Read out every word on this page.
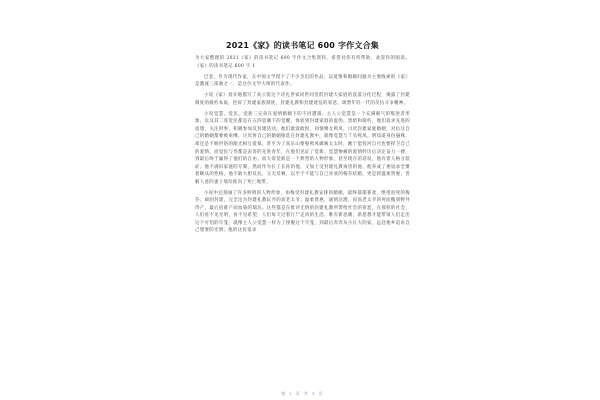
2021《家》的读书笔记 600 字作文合集

为大家整理的 2021《家》的读书笔记 600 字作文合集资料，希望对你有所帮助，欢迎你的阅读。《家》的读书笔记 600 字 1

巴金，作为现代作家，在中国文学留下了不少杰出的作品，以爱情和婚姻问题为主要线索的《家》是激流三部曲之一，是这位文学大师的代表作。

小说《家》真实地描写了高公馆这个诗礼世家同世同堂的封建大家庭的没落分化过程，揭露了封建制度的腐朽本质，控诉了封建家族制度，封建礼教和封建迷信的罪恶，颂赞年轻一代的反抗斗争精神。

小说觉慧、觉民、觉新三兄弟在爱情婚姻下的不同遭遇。主人公觉慧是一个充满朝气的叛逆者形象，以及其二哥觉民都是在五四思潮下的觉醒，体验到封建家庭的虚伪、黑暗和腐朽，他们追求先进的思想，关注时事，积极参加反封建活动。他们敢爱敢恨，同情婢女鸣凤，讨厌封建家庭婚姻，对抗这自己的婚姻都要被束缚，讨厌将自己的婚姻推选在封建礼教中，就像觉慧与丫头鸣凤。明知道身份悬殊，却还是不顾世俗的眼光相互爱慕，甚至为了高乐山要娶鸣凤做姨太太时，她宁愿投河自尽也要捍卫自己的爱情。而觉民与琴都是表哥的先进青年，在他们见证了觉新、觉慧惨痛的爱情经历后决定奋力一搏，到最后终于赢得了他们的自由。而大哥觉新是一个典型的人物形象，甚至现在的话说，他有着人格分裂症。他不满旧家庭的专制，然而作为长子长孙的他，又加上受封建礼教毒害的他，他养成了委屈求全惯着顺从的性格。他不敢大胆反抗，又无反啊，以至于不能与自己喜欢的梅芬结婚，更是将温柔贤惠、善解人意的妻子瑞珏推向了死亡地带。

小说中还刻画了许多鲜明的人物形象，如梅受封建礼教安排的婚姻，最终郁郁寡欢，绝望而死的梅芬；顽固封建，完全沦为封建礼教玩弄的高老太爷；温柔贤惠，通情达理，因高老太爷的死而搬到野外待产，最后因难产而血染的瑞珏。这些都是在批评无情的封建礼教所带给社会的罪恶，在那样的社会，人们看不见光明，看不见希望，人们每天过着行尸走肉的生活。唯有新思潮，新思想才能带领人们走出这个可怕的牢笼，就像主人公觉慧一样为了挣脱这个牢笼，到最后奔奔从小长大的家，远赴他乡追求自己想要的光明；他的这份追求

第 1 页 共 3 页
